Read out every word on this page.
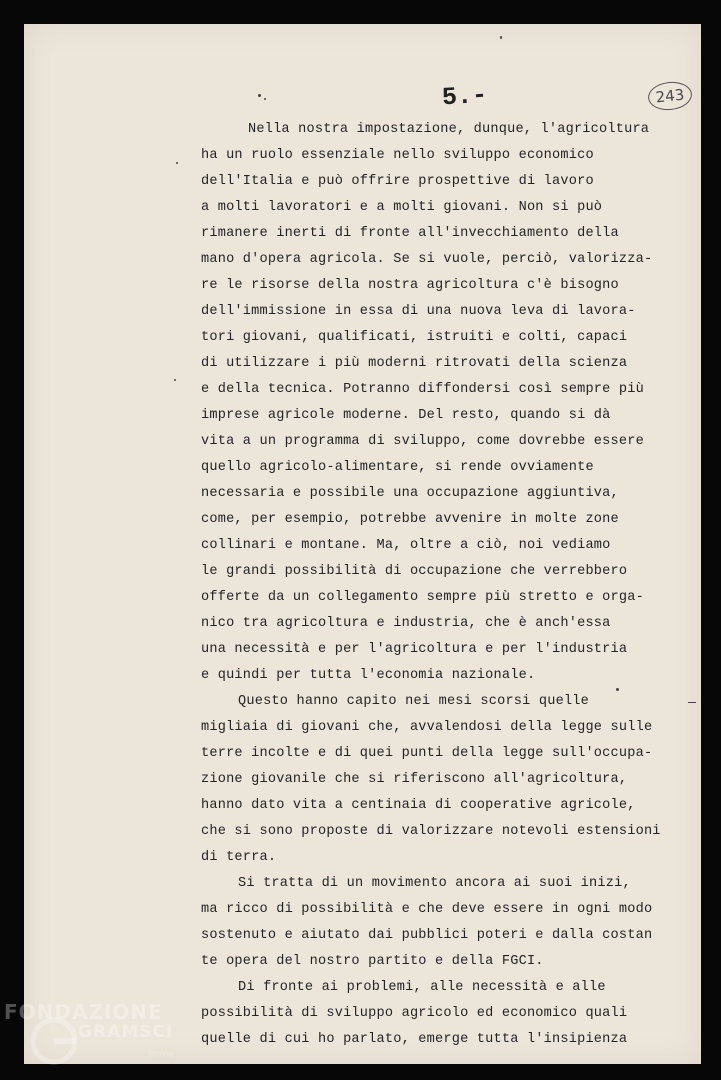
5.-	243

Nella nostra impostazione, dunque, l'agricoltura

ha un ruolo essenziale nello sviluppo economico

dell'Italia e può offrire prospettive di lavoro

a molti lavoratori e a molti giovani. Non si può

rimanere inerti di fronte all'invecchiamento della

mano d'opera agricola. Se si vuole, perciò, valorizza-

re le risorse della nostra agricoltura c'è bisogno

dell'immissione in essa di una nuova leva di lavora-

tori giovani, qualificati, istruiti e colti, capaci

di utilizzare i più moderni ritrovati della scienza

e della tecnica. Potranno diffondersi così sempre più

imprese agricole moderne. Del resto, quando si dà

vita a un programma di sviluppo, come dovrebbe essere

quello agricolo-alimentare, si rende ovviamente

necessaria e possibile una occupazione aggiuntiva,

come, per esempio, potrebbe avvenire in molte zone

collinari e montane. Ma, oltre a ciò, noi vediamo

le grandi possibilità di occupazione che verrebbero

offerte da un collegamento sempre più stretto e orga-

nico tra agricoltura e industria, che è anch'essa

una necessità e per l'agricoltura e per l'industria

e quindi per tutta l'economia nazionale.

Questo hanno capito nei mesi scorsi quelle

migliaia di giovani che, avvalendosi della legge sulle

terre incolte e di quei punti della legge sull'occupa-

zione giovanile che si riferiscono all'agricoltura,

hanno dato vita a centinaia di cooperative agricole,

che si sono proposte di valorizzare notevoli estensioni

di terra.

Si tratta di un movimento ancora ai suoi inizi,

ma ricco di possibilità e che deve essere in ogni modo

sostenuto e aiutato dai pubblici poteri e dalla costan

te opera del nostro partito e della FGCI.

Di fronte ai problemi, alle necessità e alle

possibilità di sviluppo agricolo ed economico quali

quelle di cui ho parlato, emerge tutta l'insipienza

FONDAZIONE
GRAMSCI
Roma
